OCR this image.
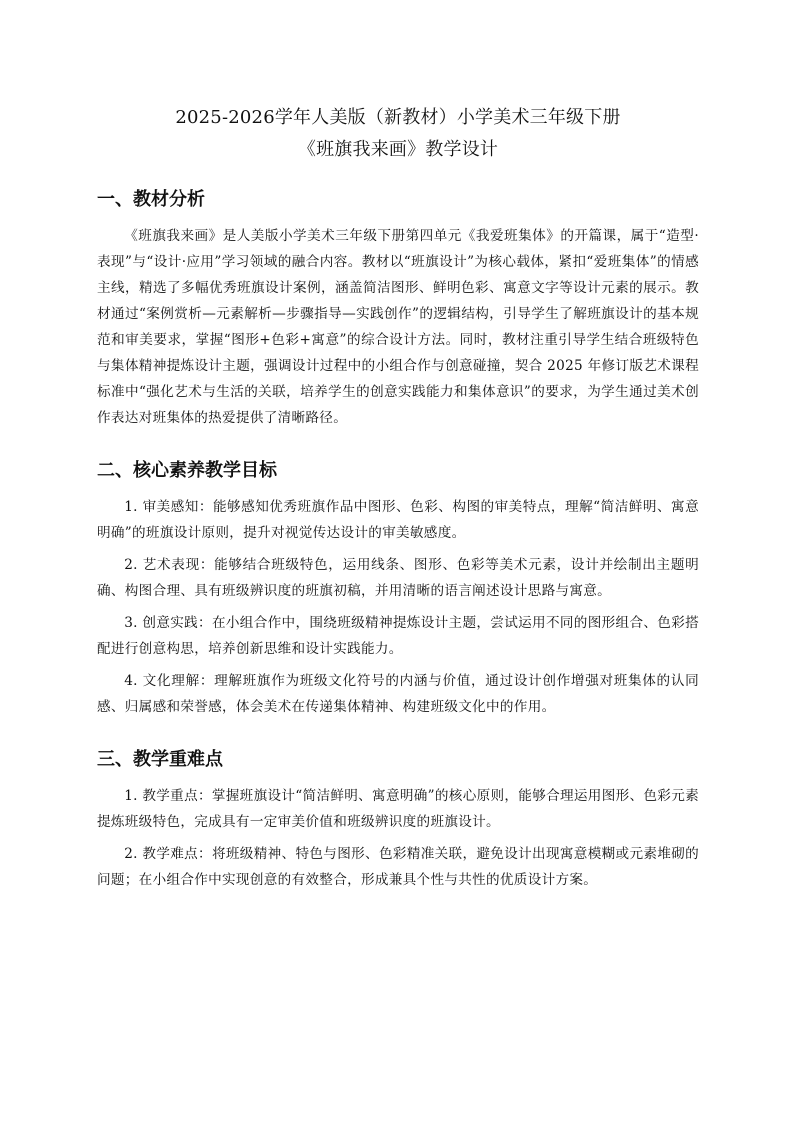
2025-2026学年人美版（新教材）小学美术三年级下册

《班旗我来画》教学设计

一、教材分析

《班旗我来画》是人美版小学美术三年级下册第四单元《我爱班集体》的开篇课，属于“造型·表现”与“设计·应用”学习领域的融合内容。教材以“班旗设计”为核心载体，紧扣“爱班集体”的情感主线，精选了多幅优秀班旗设计案例，涵盖简洁图形、鲜明色彩、寓意文字等设计元素的展示。教材通过“案例赏析—元素解析—步骤指导—实践创作”的逻辑结构，引导学生了解班旗设计的基本规范和审美要求，掌握“图形+色彩+寓意”的综合设计方法。同时，教材注重引导学生结合班级特色与集体精神提炼设计主题，强调设计过程中的小组合作与创意碰撞，契合 2025 年修订版艺术课程标准中“强化艺术与生活的关联，培养学生的创意实践能力和集体意识”的要求，为学生通过美术创作表达对班集体的热爱提供了清晰路径。

二、核心素养教学目标

1. 审美感知：能够感知优秀班旗作品中图形、色彩、构图的审美特点，理解“简洁鲜明、寓意明确”的班旗设计原则，提升对视觉传达设计的审美敏感度。

2. 艺术表现：能够结合班级特色，运用线条、图形、色彩等美术元素，设计并绘制出主题明确、构图合理、具有班级辨识度的班旗初稿，并用清晰的语言阐述设计思路与寓意。

3. 创意实践：在小组合作中，围绕班级精神提炼设计主题，尝试运用不同的图形组合、色彩搭配进行创意构思，培养创新思维和设计实践能力。

4. 文化理解：理解班旗作为班级文化符号的内涵与价值，通过设计创作增强对班集体的认同感、归属感和荣誉感，体会美术在传递集体精神、构建班级文化中的作用。

三、教学重难点

1. 教学重点：掌握班旗设计“简洁鲜明、寓意明确”的核心原则，能够合理运用图形、色彩元素提炼班级特色，完成具有一定审美价值和班级辨识度的班旗设计。

2. 教学难点：将班级精神、特色与图形、色彩精准关联，避免设计出现寓意模糊或元素堆砌的问题；在小组合作中实现创意的有效整合，形成兼具个性与共性的优质设计方案。
